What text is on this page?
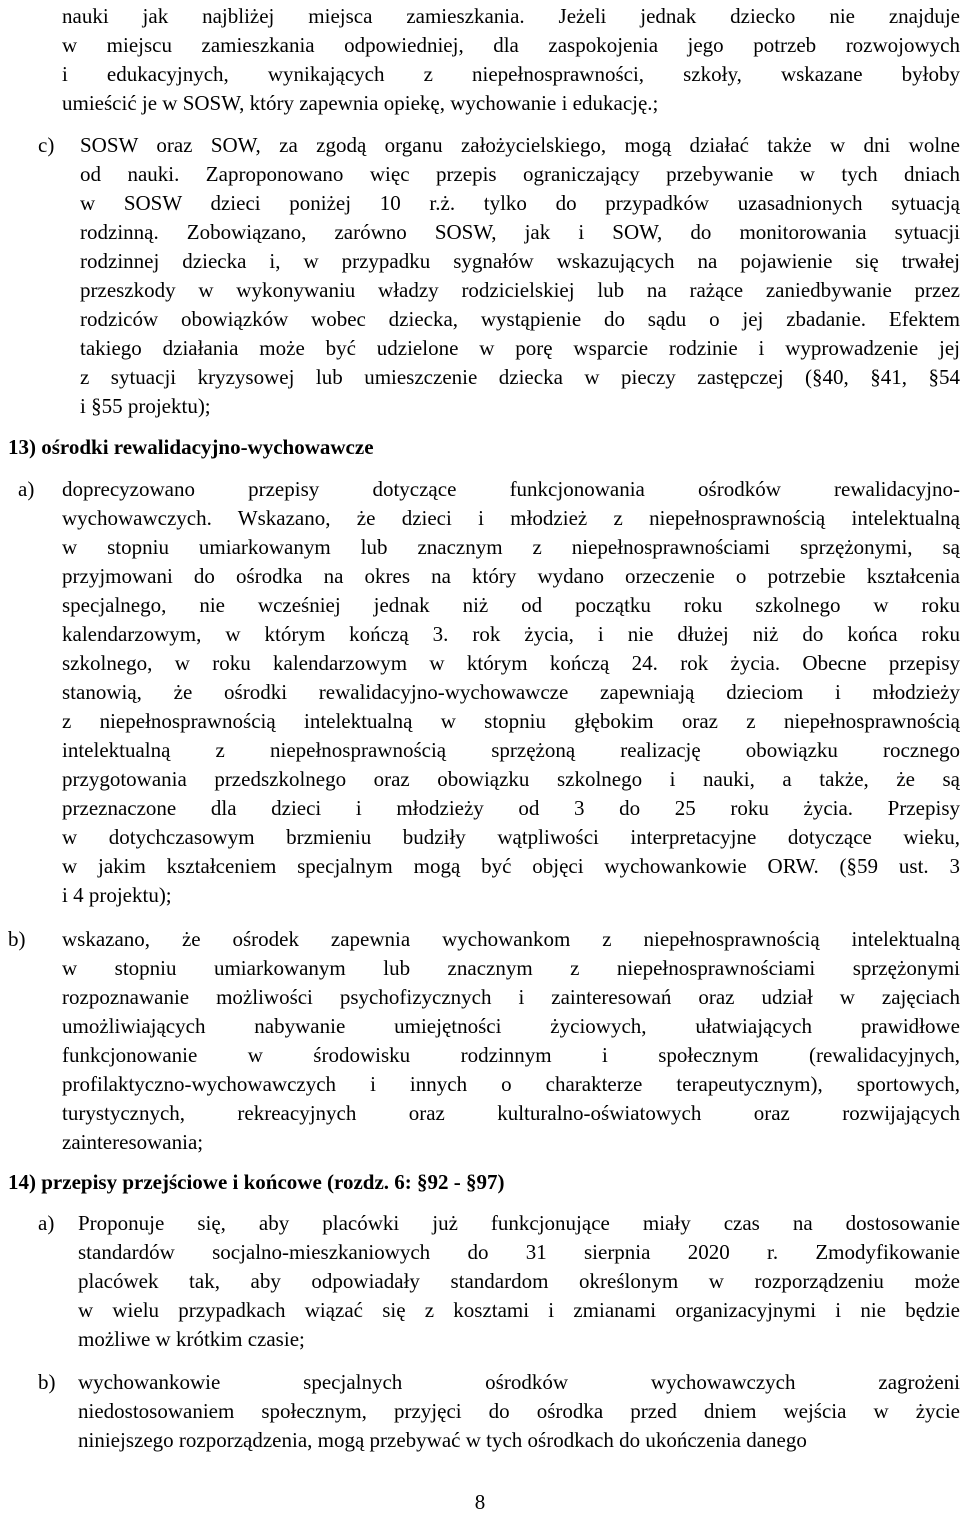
nauki jak najbliżej miejsca zamieszkania. Jeżeli jednak dziecko nie znajduje
w miejscu zamieszkania odpowiedniej, dla zaspokojenia jego potrzeb rozwojowych
i edukacyjnych, wynikających z niepełnosprawności, szkoły, wskazane byłoby
umieścić je w SOSW, który zapewnia opiekę, wychowanie i edukację.;
c) SOSW oraz SOW, za zgodą organu założycielskiego, mogą działać także w dni wolne
od nauki. Zaproponowano więc przepis ograniczający przebywanie w tych dniach
w SOSW dzieci poniżej 10 r.ż. tylko do przypadków uzasadnionych sytuacją
rodzinną. Zobowiązano, zarówno SOSW, jak i SOW, do monitorowania sytuacji
rodzinnej dziecka i, w przypadku sygnałów wskazujących na pojawienie się trwałej
przeszkody w wykonywaniu władzy rodzicielskiej lub na rażące zaniedbywanie przez
rodziców obowiązków wobec dziecka, wystąpienie do sądu o jej zbadanie. Efektem
takiego działania może być udzielone w porę wsparcie rodzinie i wyprowadzenie jej
z sytuacji kryzysowej lub umieszczenie dziecka w pieczy zastępczej (§40, §41, §54
i §55 projektu);
13) ośrodki rewalidacyjno-wychowawcze
a) doprecyzowano przepisy dotyczące funkcjonowania ośrodków rewalidacyjno-
wychowawczych. Wskazano, że dzieci i młodzież z niepełnosprawnością intelektualną
w stopniu umiarkowanym lub znacznym z niepełnosprawnościami sprzężonymi, są
przyjmowani do ośrodka na okres na który wydano orzeczenie o potrzebie kształcenia
specjalnego, nie wcześniej jednak niż od początku roku szkolnego w roku
kalendarzowym, w którym kończą 3. rok życia, i nie dłużej niż do końca roku
szkolnego, w roku kalendarzowym w którym kończą 24. rok życia. Obecne przepisy
stanowią, że ośrodki rewalidacyjno-wychowawcze zapewniają dzieciom i młodzieży
z niepełnosprawnością intelektualną w stopniu głębokim oraz z niepełnosprawnością
intelektualną z niepełnosprawnością sprzężoną realizację obowiązku rocznego
przygotowania przedszkolnego oraz obowiązku szkolnego i nauki, a także, że są
przeznaczone dla dzieci i młodzieży od 3 do 25 roku życia. Przepisy
w dotychczasowym brzmieniu budziły wątpliwości interpretacyjne dotyczące wieku,
w jakim kształceniem specjalnym mogą być objęci wychowankowie ORW. (§59 ust. 3
i 4 projektu);
b) wskazano, że ośrodek zapewnia wychowankom z niepełnosprawnością intelektualną
w stopniu umiarkowanym lub znacznym z niepełnosprawnościami sprzężonymi
rozpoznawanie możliwości psychofizycznych i zainteresowań oraz udział w zajęciach
umożliwiających nabywanie umiejętności życiowych, ułatwiających prawidłowe
funkcjonowanie w środowisku rodzinnym i społecznym (rewalidacyjnych,
profilaktyczno-wychowawczych i innych o charakterze terapeutycznym), sportowych,
turystycznych, rekreacyjnych oraz kulturalno-oświatowych oraz rozwijających
zainteresowania;
14) przepisy przejściowe i końcowe (rozdz. 6: §92 - §97)
a) Proponuje się, aby placówki już funkcjonujące miały czas na dostosowanie
standardów socjalno-mieszkaniowych do 31 sierpnia 2020 r. Zmodyfikowanie
placówek tak, aby odpowiadały standardom określonym w rozporządzeniu może
w wielu przypadkach wiązać się z kosztami i zmianami organizacyjnymi i nie będzie
możliwe w krótkim czasie;
b) wychowankowie specjalnych ośrodków wychowawczych zagrożeni
niedostosowaniem społecznym, przyjęci do ośrodka przed dniem wejścia w życie
niniejszego rozporządzenia, mogą przebywać w tych ośrodkach do ukończenia danego
8
